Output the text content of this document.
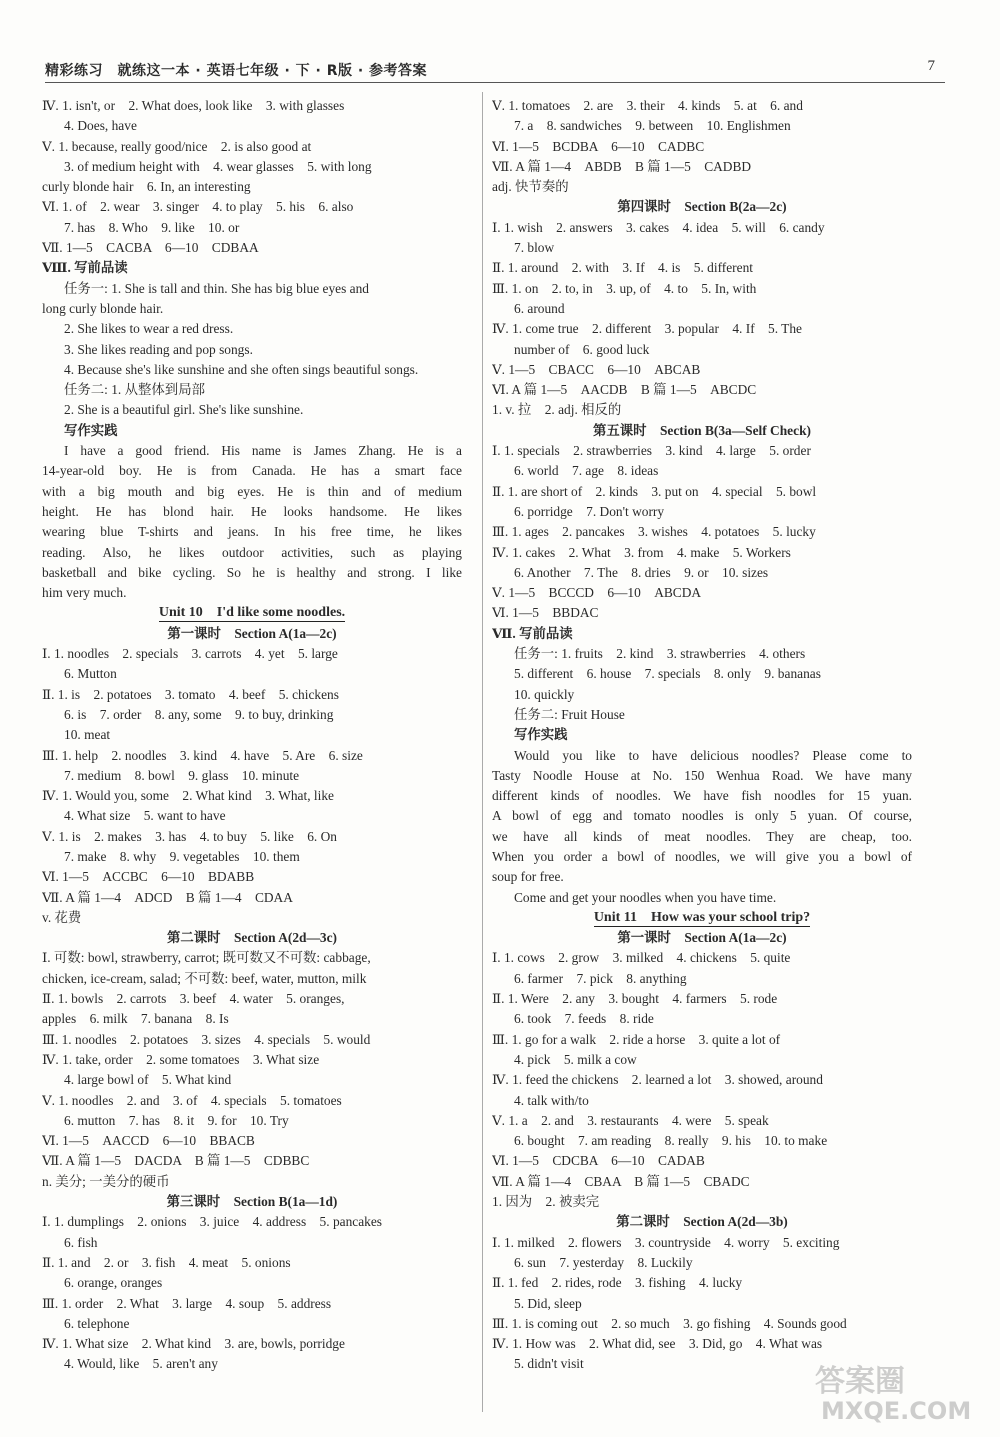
精彩练习　就练这一本 · 英语七年级 · 下 · R版 · 参考答案	7
Ⅳ. 1. isn't, or　2. What does, look like　3. with glasses
4. Does, have
Ⅴ. 1. because, really good/nice　2. is also good at
3. of medium height with　4. wear glasses　5. with long
curly blonde hair　6. In, an interesting
Ⅵ. 1. of　2. wear　3. singer　4. to play　5. his　6. also
7. has　8. Who　9. like　10. or
Ⅶ. 1—5　CACBA　6—10　CDBAA
Ⅷ. 写前品读
任务一: 1. She is tall and thin. She has big blue eyes and
long curly blonde hair.
2. She likes to wear a red dress.
3. She likes reading and pop songs.
4. Because she's like sunshine and she often sings beautiful songs.
任务二: 1. 从整体到局部
2. She is a beautiful girl. She's like sunshine.
写作实践
I have a good friend. His name is James Zhang. He is a
14-year-old boy. He is from Canada. He has a smart face
with a big mouth and big eyes. He is thin and of medium
height. He has blond hair. He looks handsome. He likes
wearing blue T-shirts and jeans. In his free time, he likes
reading. Also, he likes outdoor activities, such as playing
basketball and bike cycling. So he is healthy and strong. I like
him very much.
Unit 10　I'd like some noodles.
第一课时　Section A(1a—2c)
Ⅰ. 1. noodles　2. specials　3. carrots　4. yet　5. large
6. Mutton
Ⅱ. 1. is　2. potatoes　3. tomato　4. beef　5. chickens
6. is　7. order　8. any, some　9. to buy, drinking
10. meat
Ⅲ. 1. help　2. noodles　3. kind　4. have　5. Are　6. size
7. medium　8. bowl　9. glass　10. minute
Ⅳ. 1. Would you, some　2. What kind　3. What, like
4. What size　5. want to have
Ⅴ. 1. is　2. makes　3. has　4. to buy　5. like　6. On
7. make　8. why　9. vegetables　10. them
Ⅵ. 1—5　ACCBC　6—10　BDABB
Ⅶ. A 篇 1—4　ADCD　B 篇 1—4　CDAA
v. 花费
第二课时　Section A(2d—3c)
Ⅰ. 可数: bowl, strawberry, carrot; 既可数又不可数: cabbage,
chicken, ice-cream, salad; 不可数: beef, water, mutton, milk
Ⅱ. 1. bowls　2. carrots　3. beef　4. water　5. oranges,
apples　6. milk　7. banana　8. Is
Ⅲ. 1. noodles　2. potatoes　3. sizes　4. specials　5. would
Ⅳ. 1. take, order　2. some tomatoes　3. What size
4. large bowl of　5. What kind
Ⅴ. 1. noodles　2. and　3. of　4. specials　5. tomatoes
6. mutton　7. has　8. it　9. for　10. Try
Ⅵ. 1—5　AACCD　6—10　BBACB
Ⅶ. A 篇 1—5　DACDA　B 篇 1—5　CDBBC
n. 美分; 一美分的硬币
第三课时　Section B(1a—1d)
Ⅰ. 1. dumplings　2. onions　3. juice　4. address　5. pancakes
6. fish
Ⅱ. 1. and　2. or　3. fish　4. meat　5. onions
6. orange, oranges
Ⅲ. 1. order　2. What　3. large　4. soup　5. address
6. telephone
Ⅳ. 1. What size　2. What kind　3. are, bowls, porridge
4. Would, like　5. aren't any
Ⅴ. 1. tomatoes　2. are　3. their　4. kinds　5. at　6. and
7. a　8. sandwiches　9. between　10. Englishmen
Ⅵ. 1—5　BCDBA　6—10　CADBC
Ⅶ. A 篇 1—4　ABDB　B 篇 1—5　CADBD
adj. 快节奏的
第四课时　Section B(2a—2c)
Ⅰ. 1. wish　2. answers　3. cakes　4. idea　5. will　6. candy
7. blow
Ⅱ. 1. around　2. with　3. If　4. is　5. different
Ⅲ. 1. on　2. to, in　3. up, of　4. to　5. In, with
6. around
Ⅳ. 1. come true　2. different　3. popular　4. If　5. The
number of　6. good luck
Ⅴ. 1—5　CBACC　6—10　ABCAB
Ⅵ. A 篇 1—5　AACDB　B 篇 1—5　ABCDC
1. v. 拉　2. adj. 相反的
第五课时　Section B(3a—Self Check)
Ⅰ. 1. specials　2. strawberries　3. kind　4. large　5. order
6. world　7. age　8. ideas
Ⅱ. 1. are short of　2. kinds　3. put on　4. special　5. bowl
6. porridge　7. Don't worry
Ⅲ. 1. ages　2. pancakes　3. wishes　4. potatoes　5. lucky
Ⅳ. 1. cakes　2. What　3. from　4. make　5. Workers
6. Another　7. The　8. dries　9. or　10. sizes
Ⅴ. 1—5　BCCCD　6—10　ABCDA
Ⅵ. 1—5　BBDAC
Ⅶ. 写前品读
任务一: 1. fruits　2. kind　3. strawberries　4. others
5. different　6. house　7. specials　8. only　9. bananas
10. quickly
任务二: Fruit House
写作实践
Would you like to have delicious noodles? Please come to
Tasty Noodle House at No. 150 Wenhua Road. We have many
different kinds of noodles. We have fish noodles for 15 yuan.
A bowl of egg and tomato noodles is only 5 yuan. Of course,
we have all kinds of meat noodles. They are cheap, too.
When you order a bowl of noodles, we will give you a bowl of
soup for free.
Come and get your noodles when you have time.
Unit 11　How was your school trip?
第一课时　Section A(1a—2c)
Ⅰ. 1. cows　2. grow　3. milked　4. chickens　5. quite
6. farmer　7. pick　8. anything
Ⅱ. 1. Were　2. any　3. bought　4. farmers　5. rode
6. took　7. feeds　8. ride
Ⅲ. 1. go for a walk　2. ride a horse　3. quite a lot of
4. pick　5. milk a cow
Ⅳ. 1. feed the chickens　2. learned a lot　3. showed, around
4. talk with/to
Ⅴ. 1. a　2. and　3. restaurants　4. were　5. speak
6. bought　7. am reading　8. really　9. his　10. to make
Ⅵ. 1—5　CDCBA　6—10　CADAB
Ⅶ. A 篇 1—4　CBAA　B 篇 1—5　CBADC
1. 因为　2. 被卖完
第二课时　Section A(2d—3b)
Ⅰ. 1. milked　2. flowers　3. countryside　4. worry　5. exciting
6. sun　7. yesterday　8. Luckily
Ⅱ. 1. fed　2. rides, rode　3. fishing　4. lucky
5. Did, sleep
Ⅲ. 1. is coming out　2. so much　3. go fishing　4. Sounds good
Ⅳ. 1. How was　2. What did, see　3. Did, go　4. What was
5. didn't visit
答案圈
MXQE.COM
